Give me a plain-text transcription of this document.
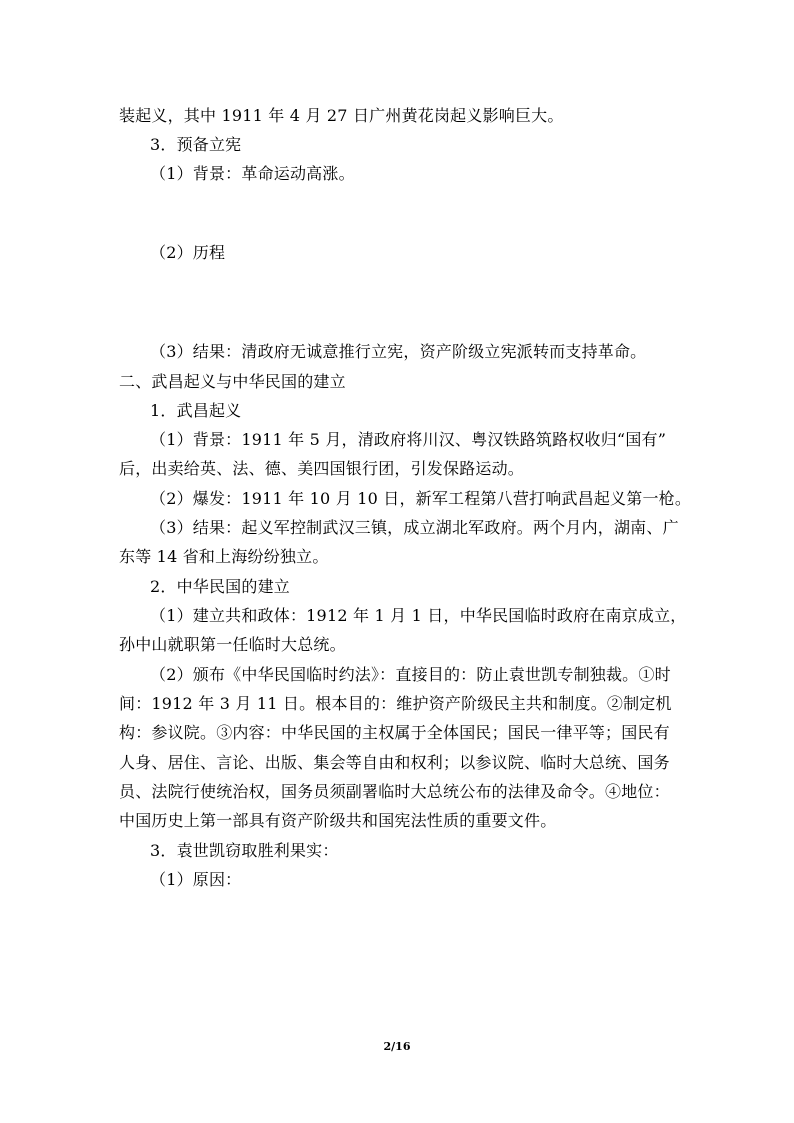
装起义，其中 1911 年 4 月 27 日广州黄花岗起义影响巨大。
3．预备立宪
（1）背景：革命运动高涨。
（2）历程
（3）结果：清政府无诚意推行立宪，资产阶级立宪派转而支持革命。
二、武昌起义与中华民国的建立
1．武昌起义
（1）背景：1911 年 5 月，清政府将川汉、粤汉铁路筑路权收归“国有”
后，出卖给英、法、德、美四国银行团，引发保路运动。
（2）爆发：1911 年 10 月 10 日，新军工程第八营打响武昌起义第一枪。
（3）结果：起义军控制武汉三镇，成立湖北军政府。两个月内，湖南、广
东等 14 省和上海纷纷独立。
2．中华民国的建立
（1）建立共和政体：1912 年 1 月 1 日，中华民国临时政府在南京成立，
孙中山就职第一任临时大总统。
（2）颁布《中华民国临时约法》：直接目的：防止袁世凯专制独裁。①时
间：1912 年 3 月 11 日。根本目的：维护资产阶级民主共和制度。②制定机
构：参议院。③内容：中华民国的主权属于全体国民；国民一律平等；国民有
人身、居住、言论、出版、集会等自由和权利；以参议院、临时大总统、国务
员、法院行使统治权，国务员须副署临时大总统公布的法律及命令。④地位：
中国历史上第一部具有资产阶级共和国宪法性质的重要文件。
3．袁世凯窃取胜利果实：
（1）原因：
2/16
